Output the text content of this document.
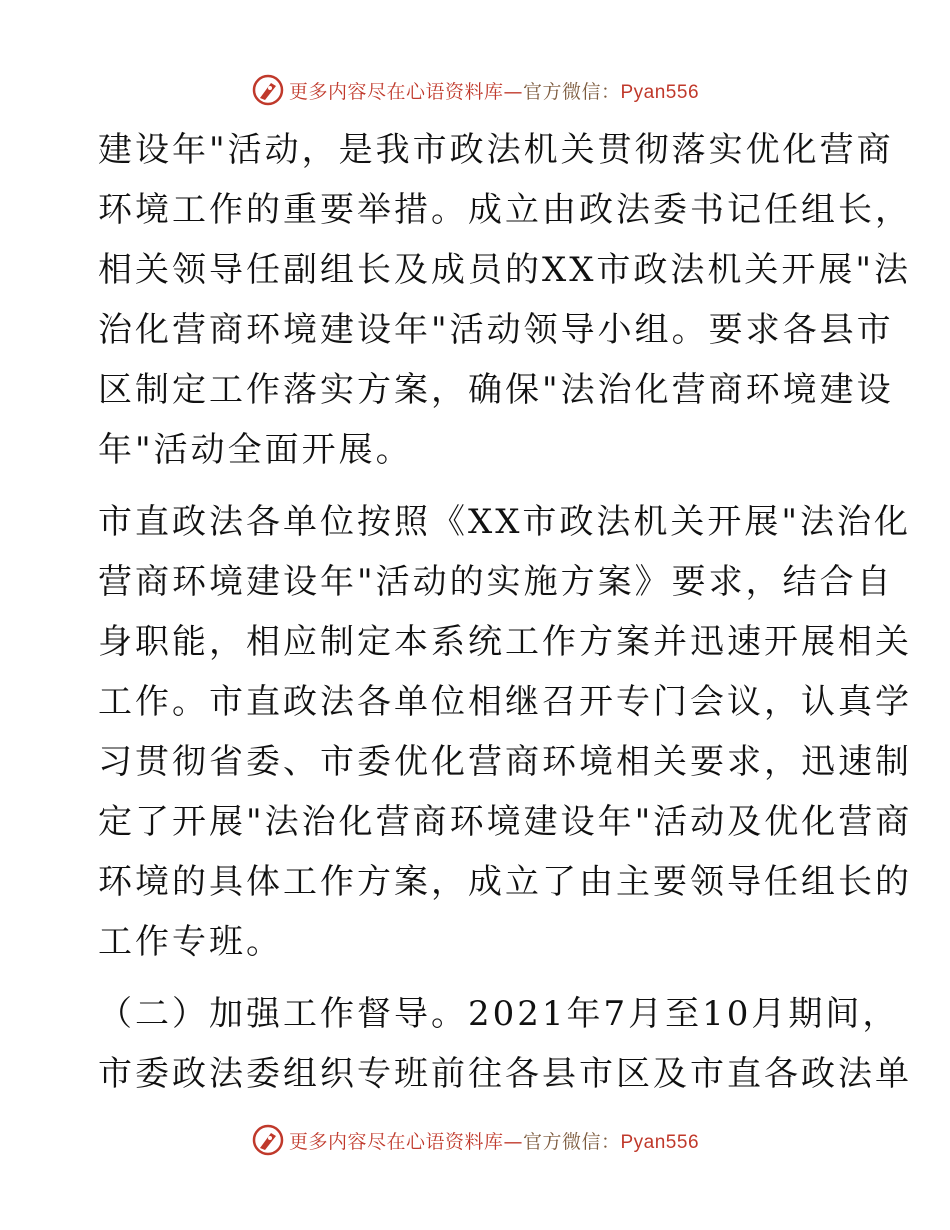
更多内容尽在心语资料库—官方微信：Pyan556

建设年"活动，是我市政法机关贯彻落实优化营商
环境工作的重要举措。成立由政法委书记任组长，
相关领导任副组长及成员的XX市政法机关开展"法
治化营商环境建设年"活动领导小组。要求各县市
区制定工作落实方案，确保"法治化营商环境建设
年"活动全面开展。

市直政法各单位按照《XX市政法机关开展"法治化
营商环境建设年"活动的实施方案》要求，结合自
身职能，相应制定本系统工作方案并迅速开展相关
工作。市直政法各单位相继召开专门会议，认真学
习贯彻省委、市委优化营商环境相关要求，迅速制
定了开展"法治化营商环境建设年"活动及优化营商
环境的具体工作方案，成立了由主要领导任组长的
工作专班。

（二）加强工作督导。2021年7月至10月期间，
市委政法委组织专班前往各县市区及市直各政法单

更多内容尽在心语资料库—官方微信：Pyan556
